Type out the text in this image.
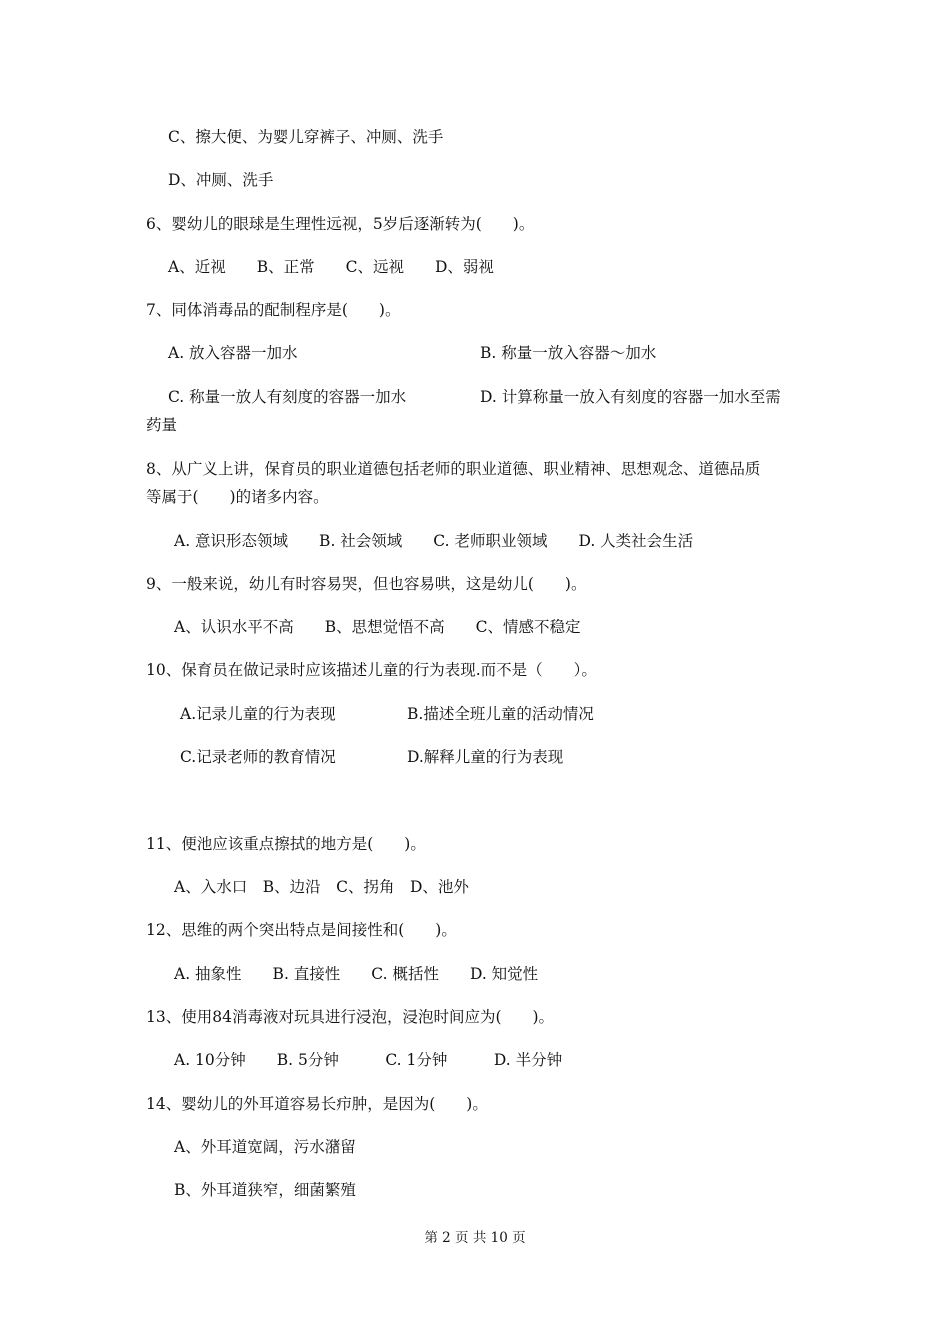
C、擦大便、为婴儿穿裤子、冲厕、洗手
D、冲厕、洗手
6、婴幼儿的眼球是生理性远视，5岁后逐渐转为(　　)。
A、近视　　B、正常　　C、远视　　D、弱视
7、同体消毒品的配制程序是(　　)。
A. 放入容器一加水	B. 称量一放入容器～加水
C. 称量一放人有刻度的容器一加水	D. 计算称量一放入有刻度的容器一加水至需
药量
8、从广义上讲，保育员的职业道德包括老师的职业道德、职业精神、思想观念、道德品质
等属于(　　)的诸多内容。
A. 意识形态领域　　B. 社会领域　　C. 老师职业领域　　D. 人类社会生活
9、一般来说，幼儿有时容易哭，但也容易哄，这是幼儿(　　)。
A、认识水平不高　　B、思想觉悟不高　　C、情感不稳定
10、保育员在做记录时应该描述儿童的行为表现.而不是（　　）。
A.记录儿童的行为表现	B.描述全班儿童的活动情况
C.记录老师的教育情况	D.解释儿童的行为表现
11、便池应该重点擦拭的地方是(　　)。
A、入水口　B、边沿　C、拐角　D、池外
12、思维的两个突出特点是间接性和(　　)。
A. 抽象性　　B. 直接性　　C. 概括性　　D. 知觉性
13、使用84消毒液对玩具进行浸泡，浸泡时间应为(　　)。
A. 10分钟　　B. 5分钟　　　C. 1分钟　　　D. 半分钟
14、婴幼儿的外耳道容易长疖肿，是因为(　　)。
A、外耳道宽阔，污水潴留
B、外耳道狭窄，细菌繁殖
第 2 页 共 10 页
